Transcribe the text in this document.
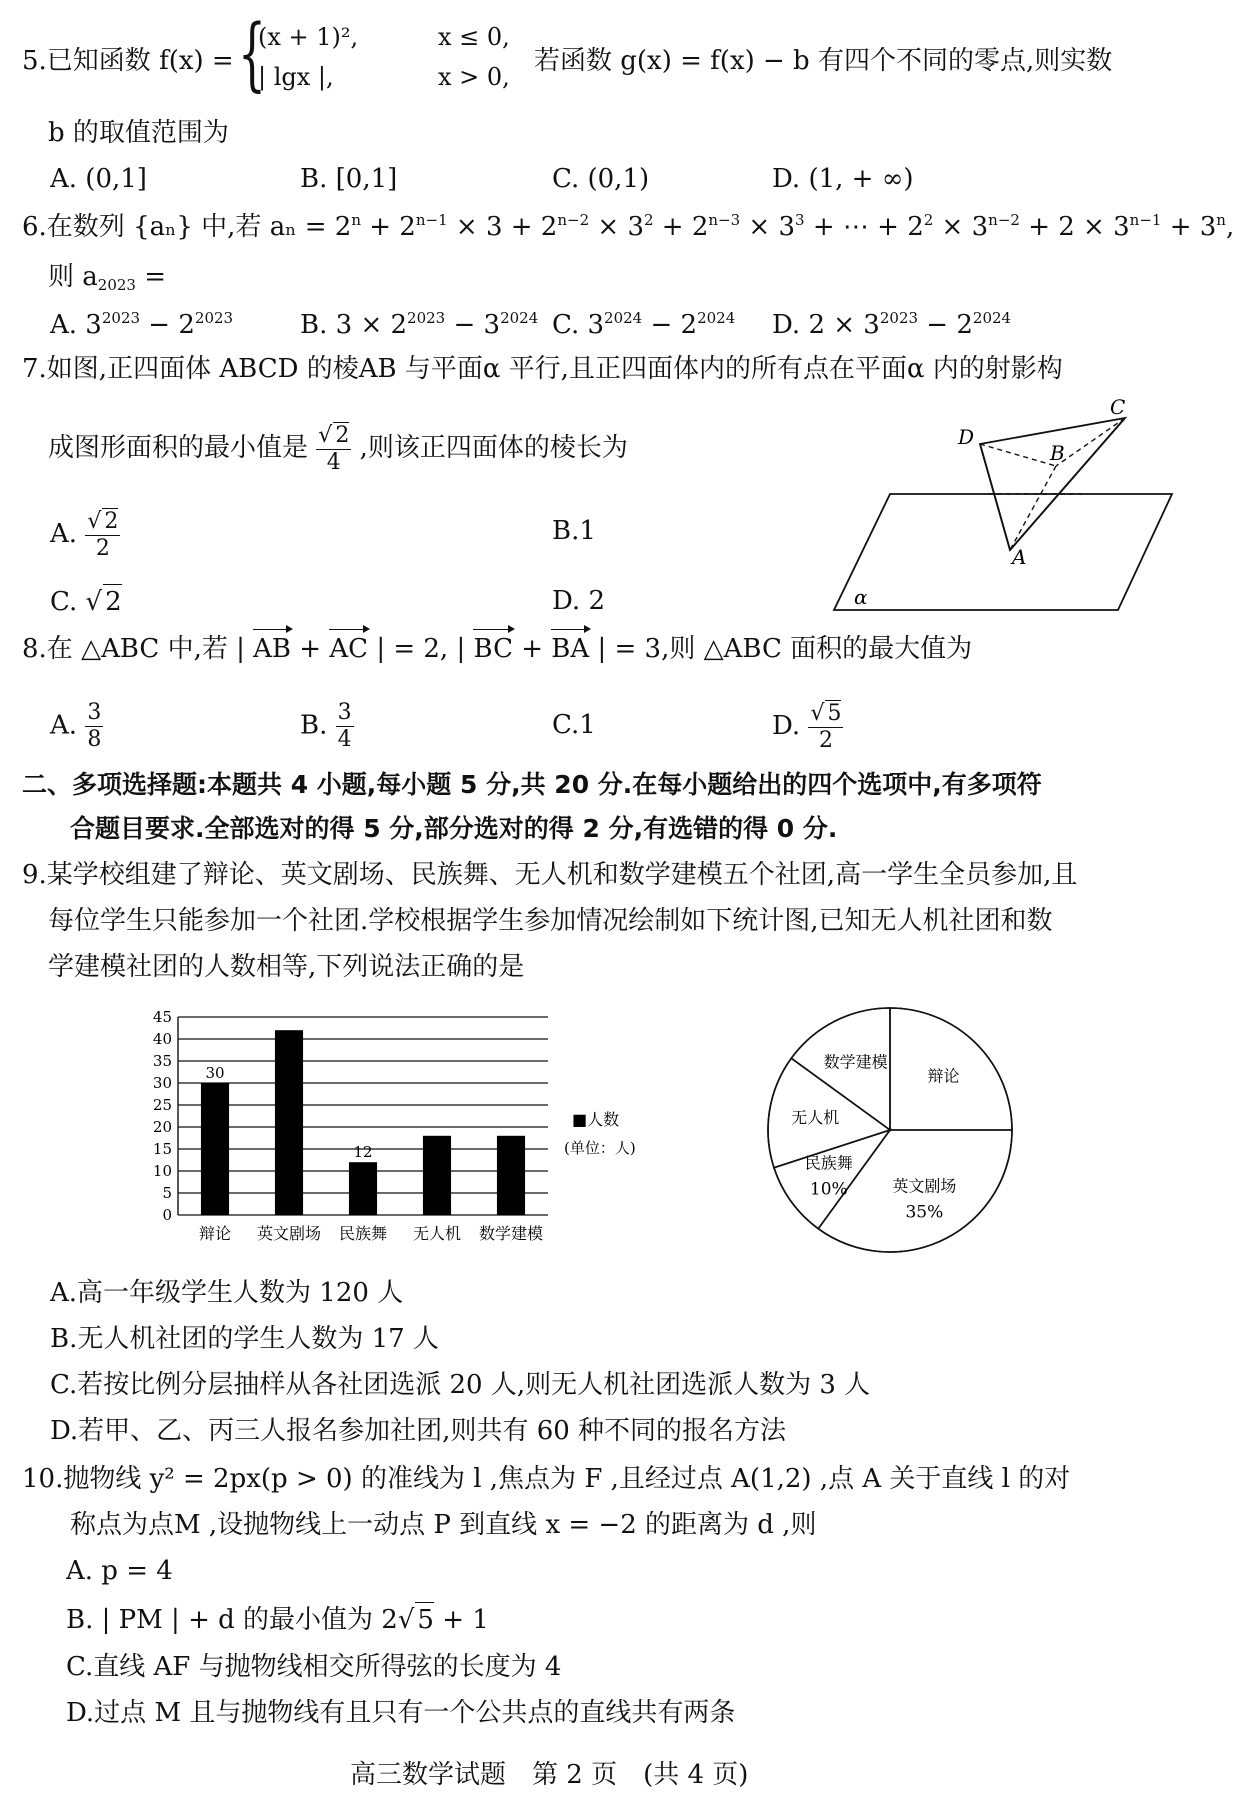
5.已知函数 f(x) = {
(x + 1)²,	x ≤ 0,
| lgx |,	x > 0,
若函数 g(x) = f(x) − b 有四个不同的零点,则实数
b 的取值范围为
A. (0,1]	B. [0,1]	C. (0,1)	D. (1, + ∞)
6.在数列 {aₙ} 中,若 $a_n = 2^n + 2^{n-1} \times 3 + 2^{n-2} \times 3^2 + 2^{n-3} \times 3^3$ + ⋯ + $2^2 \times 3^{n-2} + 2 \times 3^{n-1} + 3^n$,
则 $a_{2023}$ =
A. $3^{2023} - 2^{2023}$	B. $3 \times 2^{2023} - 3^{2024}$ C. $3^{2024} - 2^{2024}$ D. $2 \times 3^{2023} - 2^{2024}$
7.如图,正四面体 ABCD 的棱AB 与平面α 平行,且正四面体内的所有点在平面α 内的射影构
成图形面积的最小值是 $\frac{√ 2}{4}$ ,则该正四面体的棱长为
A. $\frac{√ 2}{2}$	B.1
C. √ 2	D. 2
C
D
B
A
α
8.在 △ABC 中,若 | AB + AC | = 2, | BC + BA | = 3,则 △ABC 面积的最大值为
A. $\frac{3}{8}$	B. $\frac{3}{4}$	C.1	D. $\frac{√ 5}{2}$
二、多项选择题:本题共 4 小题,每小题 5 分,共 20 分.在每小题给出的四个选项中,有多项符
合题目要求.全部选对的得 5 分,部分选对的得 2 分,有选错的得 0 分.
9.某学校组建了辩论、英文剧场、民族舞、无人机和数学建模五个社团,高一学生全员参加,且
每位学生只能参加一个社团.学校根据学生参加情况绘制如下统计图,已知无人机社团和数
学建模社团的人数相等,下列说法正确的是
0
5
10
15
20
25
30
35
40
45
辩论
30
英文剧场 民族舞
12
无人机 数学建模
■人数
(单位：人)
辩论
英文剧场
35%
民族舞
10%
无人机
数学建模
A.高一年级学生人数为 120 人
B.无人机社团的学生人数为 17 人
C.若按比例分层抽样从各社团选派 20 人,则无人机社团选派人数为 3 人
D.若甲、乙、丙三人报名参加社团,则共有 60 种不同的报名方法
10.抛物线 y² = 2px(p > 0) 的准线为 l ,焦点为 F ,且经过点 A(1,2) ,点 A 关于直线 l 的对
称点为点M ,设抛物线上一动点 P 到直线 x = −2 的距离为 d ,则
A. p = 4
B. | PM | + d 的最小值为 2√ 5 + 1
C.直线 AF 与抛物线相交所得弦的长度为 4
D.过点 M 且与抛物线有且只有一个公共点的直线共有两条
高三数学试题　第 2 页　(共 4 页)
